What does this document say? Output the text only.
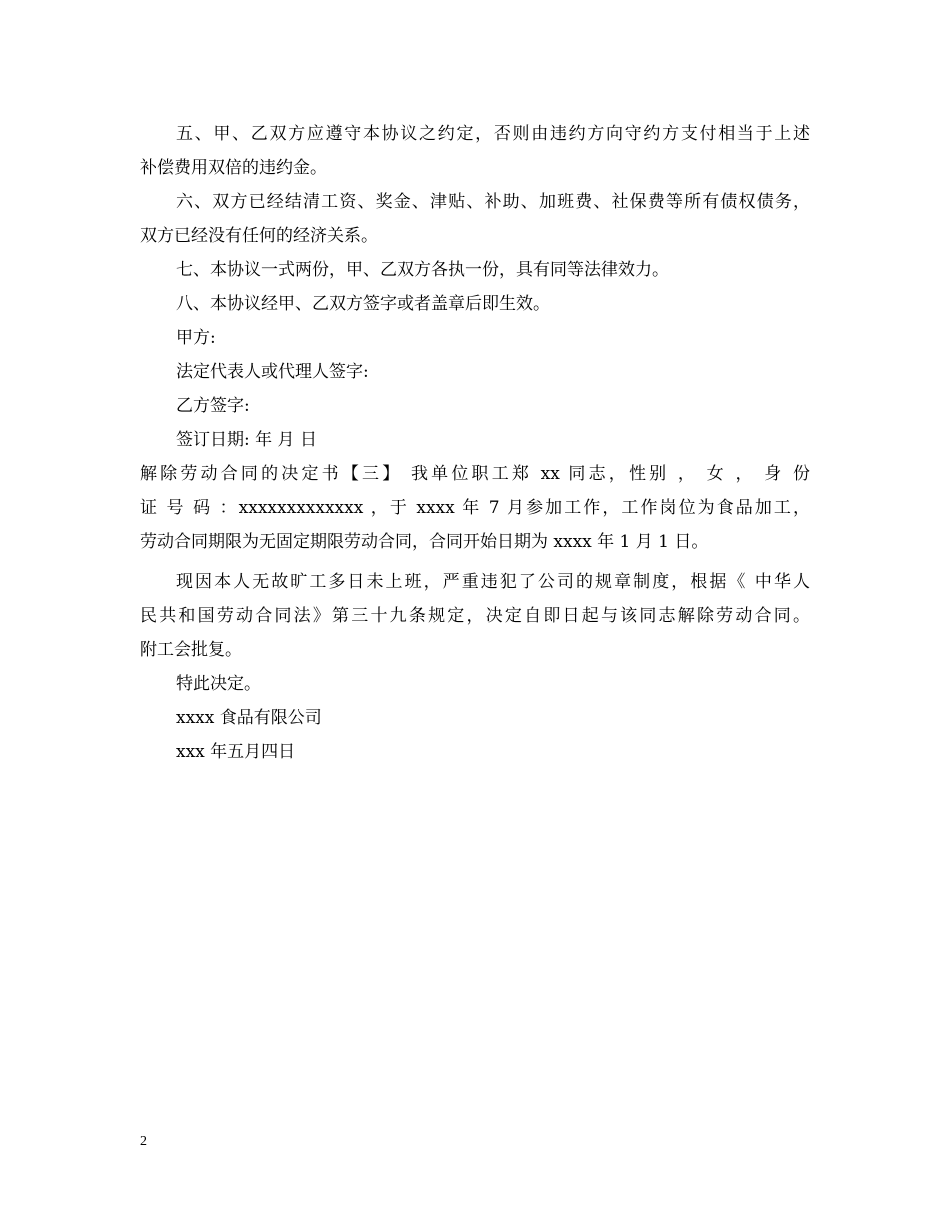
五、甲、乙双方应遵守本协议之约定，否则由违约方向守约方支付相当于上述
补偿费用双倍的违约金。
六、双方已经结清工资、奖金、津贴、补助、加班费、社保费等所有债权债务，
双方已经没有任何的经济关系。
七、本协议一式两份，甲、乙双方各执一份，具有同等法律效力。
八、本协议经甲、乙双方签字或者盖章后即生效。
甲方:
法定代表人或代理人签字:
乙方签字:
签订日期: 年 月 日
解除劳动合同的决定书【三】 我单位职工郑 xx 同志，性别 ， 女 ， 身 份
证 号 码 ：xxxxxxxxxxxxx ，于 xxxx 年 7 月参加工作，工作岗位为食品加工，
劳动合同期限为无固定期限劳动合同，合同开始日期为 xxxx 年 1 月 1 日。
现因本人无故旷工多日未上班，严重违犯了公司的规章制度，根据《 中华人
民共和国劳动合同法》第三十九条规定，决定自即日起与该同志解除劳动合同。
附工会批复。
特此决定。
xxxx 食品有限公司
xxx 年五月四日
2
